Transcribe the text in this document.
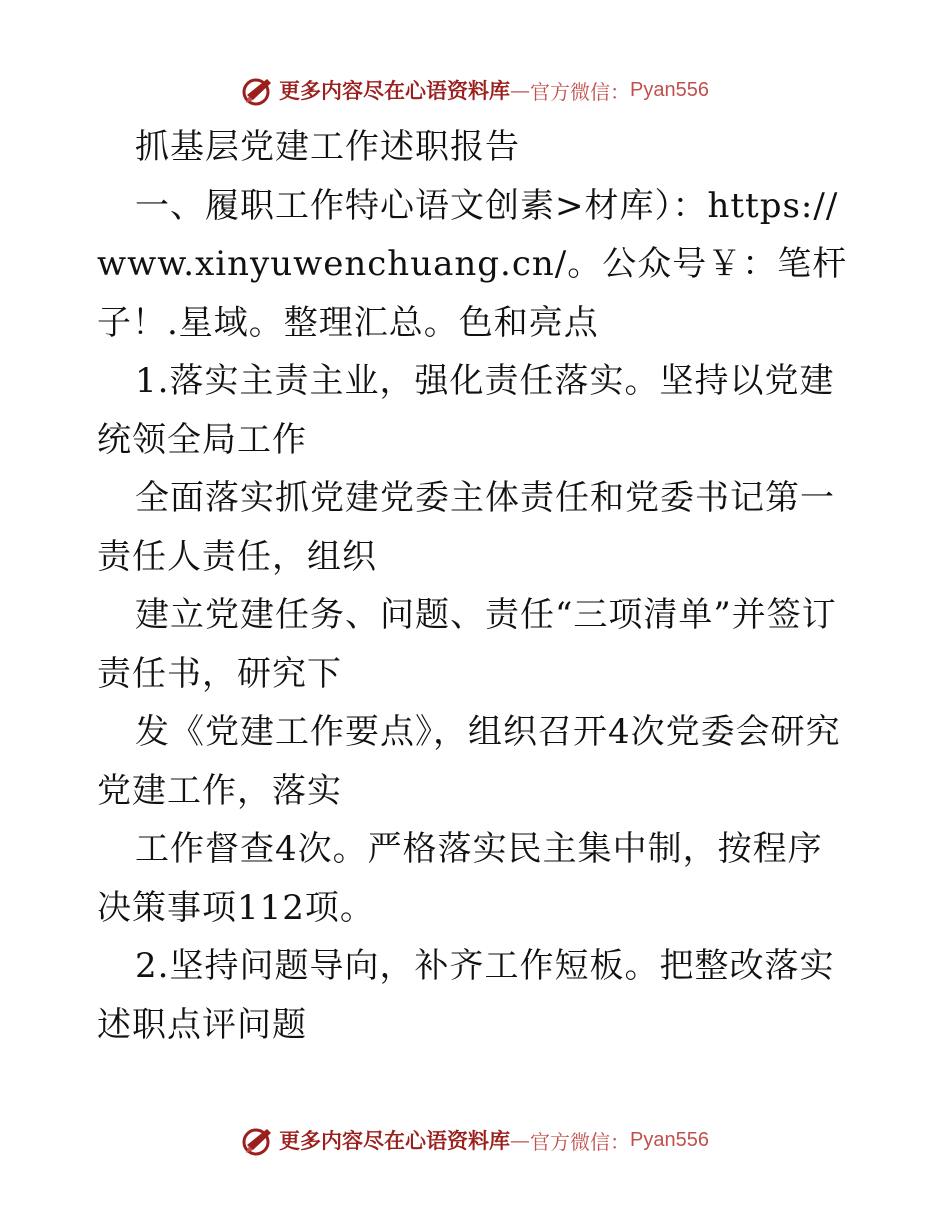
更多内容尽在心语资料库 — 官方微信： Pyan556

抓基层党建工作述职报告

一、履职工作特心语文创素>材库）：https://www.xinyuwenchuang.cn/。公众号￥：笔杆子！.星域。整理汇总。色和亮点

1.落实主责主业，强化责任落实。坚持以党建统领全局工作

全面落实抓党建党委主体责任和党委书记第一责任人责任，组织

建立党建任务、问题、责任“三项清单”并签订责任书，研究下

发《党建工作要点》，组织召开4次党委会研究党建工作，落实

工作督查4次。严格落实民主集中制，按程序决策事项112项。

2.坚持问题导向，补齐工作短板。把整改落实述职点评问题

更多内容尽在心语资料库 — 官方微信： Pyan556
